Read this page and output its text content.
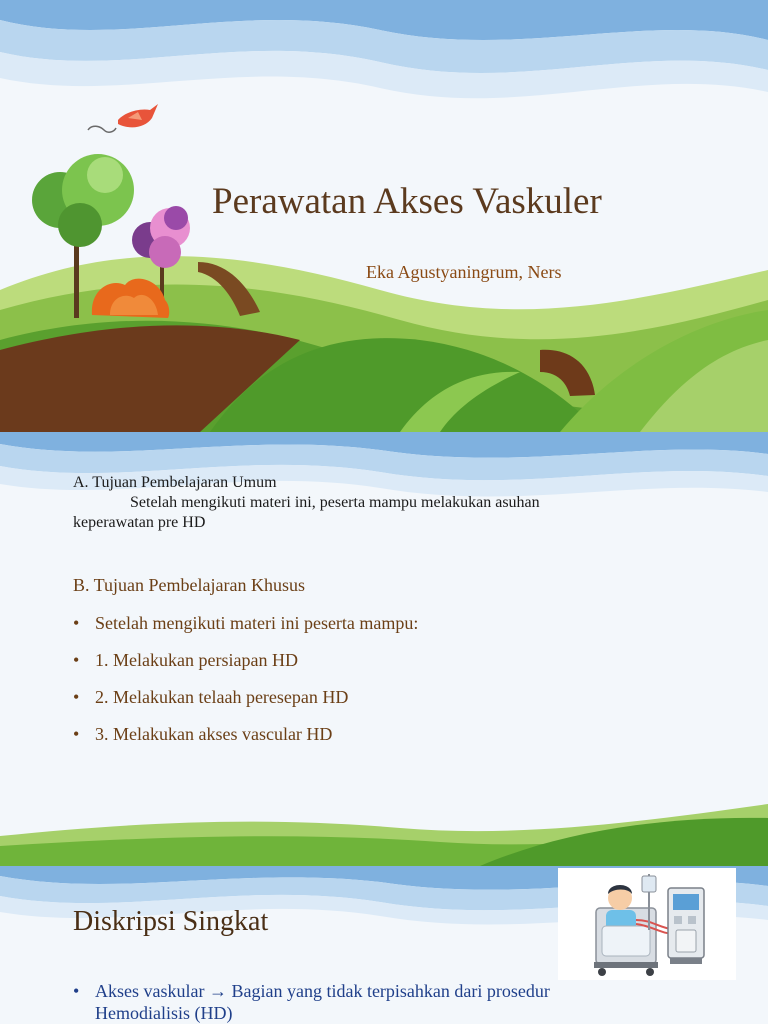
Perawatan Akses Vaskuler
Eka Agustyaningrum, Ners
A. Tujuan Pembelajaran Umum
Setelah mengikuti materi ini, peserta mampu melakukan asuhan
keperawatan pre HD
B. Tujuan Pembelajaran Khusus
• Setelah mengikuti materi ini peserta mampu:
• 1. Melakukan persiapan HD
• 2. Melakukan telaah peresepan HD
• 3. Melakukan akses vascular HD
Diskripsi Singkat
• Akses vaskular → Bagian yang tidak terpisahkan dari prosedur
Hemodialisis (HD)
